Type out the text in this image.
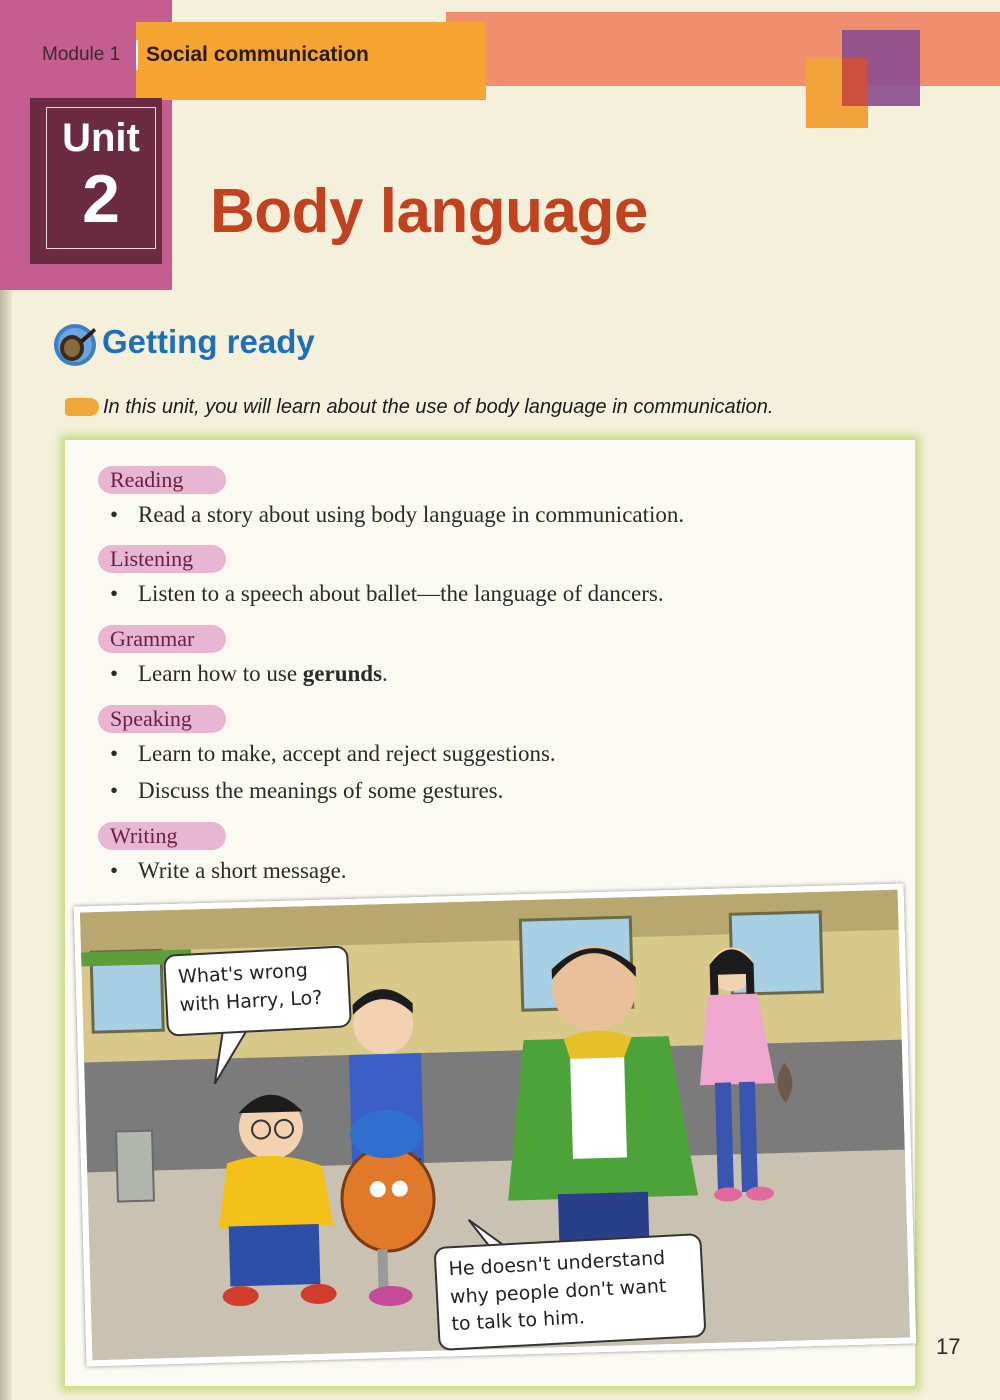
Module 1 Social communication
Unit
2	Body language
Getting ready
In this unit, you will learn about the use of body language in communication.
Reading
• Read a story about using body language in communication.
Listening
• Listen to a speech about ballet—the language of dancers.
Grammar
• Learn how to use gerunds.
Speaking
• Learn to make, accept and reject suggestions.
• Discuss the meanings of some gestures.
Writing
• Write a short message.
What's wrong
with Harry, Lo?
He doesn't understand
why people don't want
to talk to him.
17
